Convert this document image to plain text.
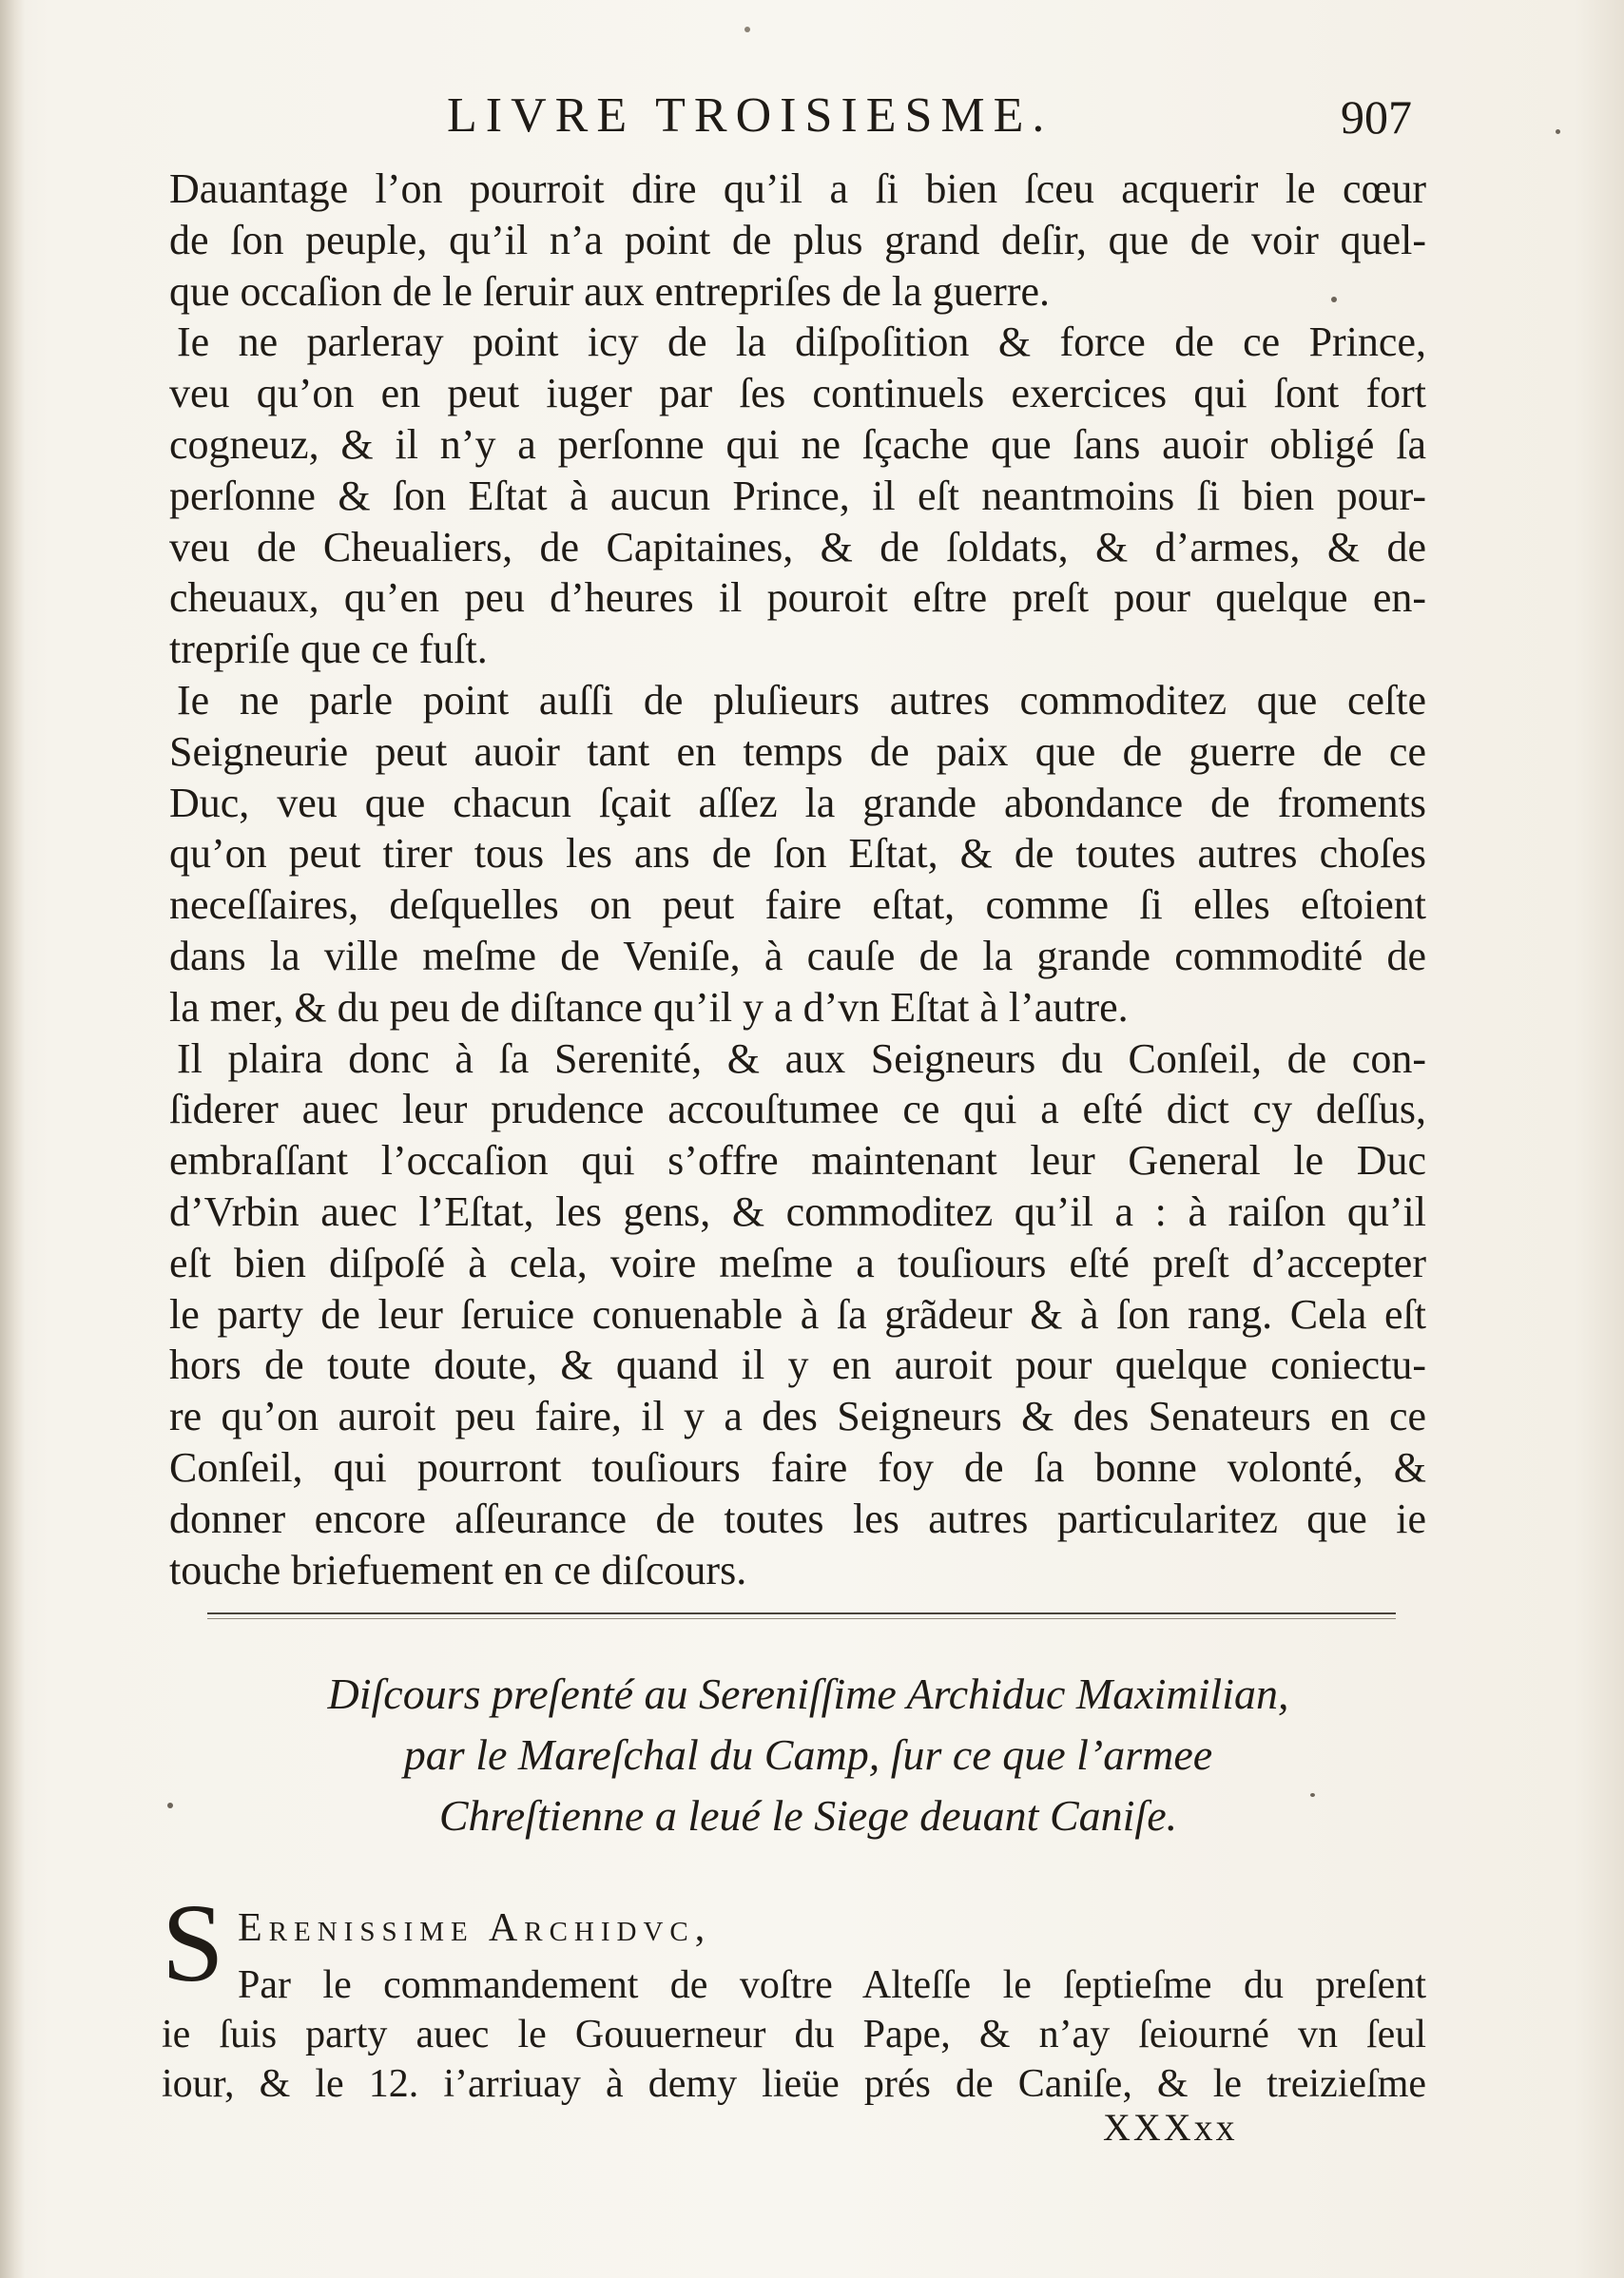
LIVRE TROISIESME.	907
Dauantage l’on pourroit dire qu’il a ſi bien ſceu acquerir le cœur
de ſon peuple, qu’il n’a point de plus grand deſir, que de voir quel-
que occaſion de le ſeruir aux entrepriſes de la guerre.
Ie ne parleray point icy de la diſpoſition & force de ce Prince,
veu qu’on en peut iuger par ſes continuels exercices qui ſont fort
cogneuz, & il n’y a perſonne qui ne ſçache que ſans auoir obligé ſa
perſonne & ſon Eſtat à aucun Prince, il eſt neantmoins ſi bien pour-
veu de Cheualiers, de Capitaines, & de ſoldats, & d’armes, & de
cheuaux, qu’en peu d’heures il pouroit eſtre preſt pour quelque en-
trepriſe que ce fuſt.
Ie ne parle point auſſi de pluſieurs autres commoditez que ceſte
Seigneurie peut auoir tant en temps de paix que de guerre de ce
Duc, veu que chacun ſçait aſſez la grande abondance de froments
qu’on peut tirer tous les ans de ſon Eſtat, & de toutes autres choſes
neceſſaires, deſquelles on peut faire eſtat, comme ſi elles eſtoient
dans la ville meſme de Veniſe, à cauſe de la grande commodité de
la mer, & du peu de diſtance qu’il y a d’vn Eſtat à l’autre.
Il plaira donc à ſa Serenité, & aux Seigneurs du Conſeil, de con-
ſiderer auec leur prudence accouſtumee ce qui a eſté dict cy deſſus,
embraſſant l’occaſion qui s’offre maintenant leur General le Duc
d’Vrbin auec l’Eſtat, les gens, & commoditez qu’il a : à raiſon qu’il
eſt bien diſpoſé à cela, voire meſme a touſiours eſté preſt d’accepter
le party de leur ſeruice conuenable à ſa grãdeur & à ſon rang. Cela eſt
hors de toute doute, & quand il y en auroit pour quelque coniectu-
re qu’on auroit peu faire, il y a des Seigneurs & des Senateurs en ce
Conſeil, qui pourront touſiours faire foy de ſa bonne volonté, &
donner encore aſſeurance de toutes les autres particularitez que ie
touche briefuement en ce diſcours.
Diſcours preſenté au Sereniſſime Archiduc Maximilian,
par le Mareſchal du Camp, ſur ce que l’armee
Chreſtienne a leué le Siege deuant Caniſe.
S Erenissime Archidvc,
Par le commandement de voſtre Alteſſe le ſeptieſme du preſent
ie ſuis party auec le Gouuerneur du Pape, & n’ay ſeiourné vn ſeul
iour, & le 12. i’arriuay à demy lieüe prés de Caniſe, & le treizieſme
XXXxx
